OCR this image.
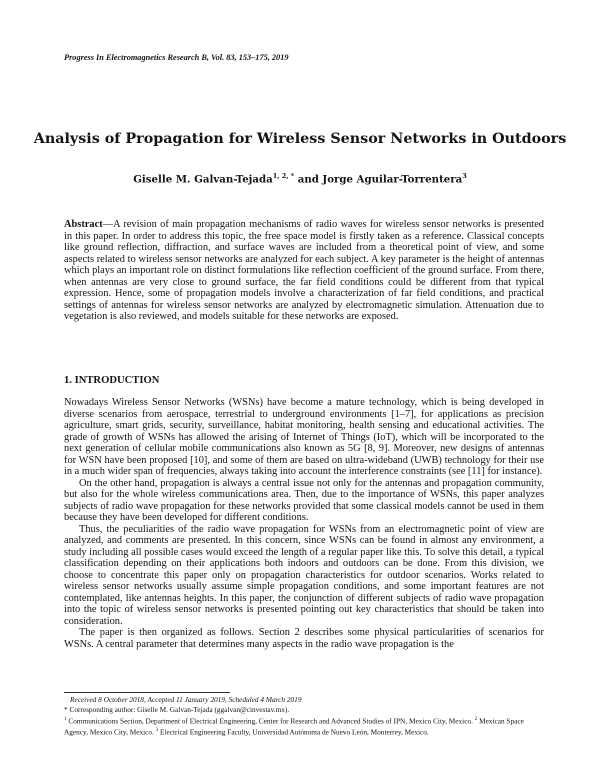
Progress In Electromagnetics Research B, Vol. 83, 153–175, 2019
Analysis of Propagation for Wireless Sensor Networks in Outdoors
Giselle M. Galvan-Tejada$^{1, 2, *}$ and Jorge Aguilar-Torrentera$^3$
Abstract—A revision of main propagation mechanisms of radio waves for wireless sensor networks is presented in this paper. In order to address this topic, the free space model is firstly taken as a reference. Classical concepts like ground reflection, diffraction, and surface waves are included from a theoretical point of view, and some aspects related to wireless sensor networks are analyzed for each subject. A key parameter is the height of antennas which plays an important role on distinct formulations like reflection coefficient of the ground surface. From there, when antennas are very close to ground surface, the far field conditions could be different from that typical expression. Hence, some of propagation models involve a characterization of far field conditions, and practical settings of antennas for wireless sensor networks are analyzed by electromagnetic simulation. Attenuation due to vegetation is also reviewed, and models suitable for these networks are exposed.
1. INTRODUCTION

Nowadays Wireless Sensor Networks (WSNs) have become a mature technology, which is being developed in diverse scenarios from aerospace, terrestrial to underground environments [1–7], for applications as precision agriculture, smart grids, security, surveillance, habitat monitoring, health sensing and educational activities. The grade of growth of WSNs has allowed the arising of Internet of Things (IoT), which will be incorporated to the next generation of cellular mobile communications also known as 5G [8, 9]. Moreover, new designs of antennas for WSN have been proposed [10], and some of them are based on ultra-wideband (UWB) technology for their use in a much wider span of frequencies, always taking into account the interference constraints (see [11] for instance).

On the other hand, propagation is always a central issue not only for the antennas and propagation community, but also for the whole wireless communications area. Then, due to the importance of WSNs, this paper analyzes subjects of radio wave propagation for these networks provided that some classical models cannot be used in them because they have been developed for different conditions.

Thus, the peculiarities of the radio wave propagation for WSNs from an electromagnetic point of view are analyzed, and comments are presented. In this concern, since WSNs can be found in almost any environment, a study including all possible cases would exceed the length of a regular paper like this. To solve this detail, a typical classification depending on their applications both indoors and outdoors can be done. From this division, we choose to concentrate this paper only on propagation characteristics for outdoor scenarios. Works related to wireless sensor networks usually assume simple propagation conditions, and some important features are not contemplated, like antennas heights. In this paper, the conjunction of different subjects of radio wave propagation into the topic of wireless sensor networks is presented pointing out key characteristics that should be taken into consideration.

The paper is then organized as follows. Section 2 describes some physical particularities of scenarios for WSNs. A central parameter that determines many aspects in the radio wave propagation is the

Received 8 October 2018, Accepted 11 January 2019, Scheduled 4 March 2019
* Corresponding author: Giselle M. Galvan-Tejada (ggalvan@cinvestav.mx).
$^1$ Communications Section, Department of Electrical Engineering, Center for Research and Advanced Studies of IPN, Mexico City, Mexico. $^2$ Mexican Space Agency, Mexico City, Mexico. $^3$ Electrical Engineering Faculty, Universidad Autónoma de Nuevo León, Monterrey, Mexico.
